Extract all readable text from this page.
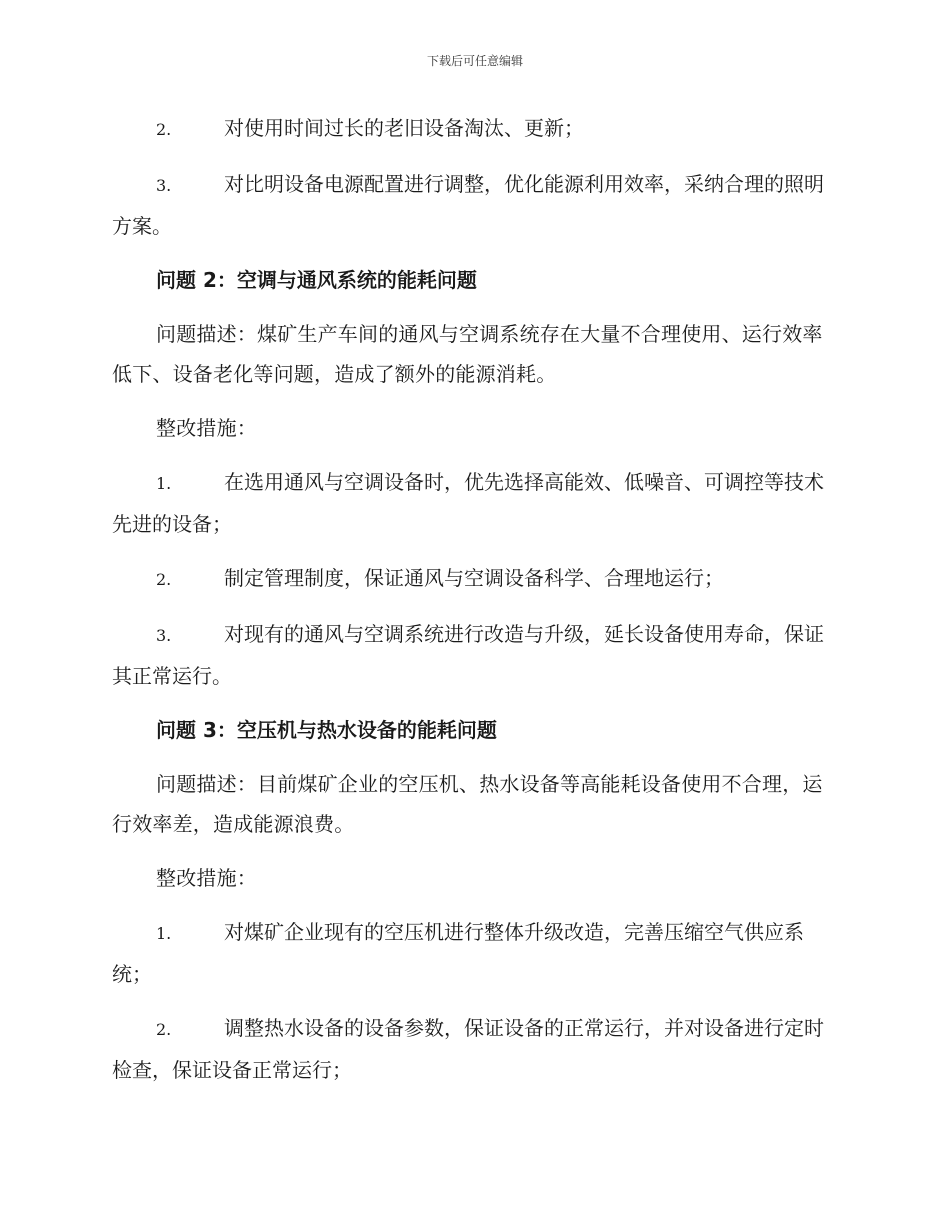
下载后可任意编辑

2.	对使用时间过长的老旧设备淘汰、更新；

3.	对比明设备电源配置进行调整，优化能源利用效率，采纳合理的照明方案。

问题 2：空调与通风系统的能耗问题

问题描述：煤矿生产车间的通风与空调系统存在大量不合理使用、运行效率低下、设备老化等问题，造成了额外的能源消耗。

整改措施：

1.	在选用通风与空调设备时，优先选择高能效、低噪音、可调控等技术先进的设备；

2.	制定管理制度，保证通风与空调设备科学、合理地运行；

3.	对现有的通风与空调系统进行改造与升级，延长设备使用寿命，保证其正常运行。

问题 3：空压机与热水设备的能耗问题

问题描述：目前煤矿企业的空压机、热水设备等高能耗设备使用不合理，运行效率差，造成能源浪费。

整改措施：

1.	对煤矿企业现有的空压机进行整体升级改造，完善压缩空气供应系统；

2.	调整热水设备的设备参数，保证设备的正常运行，并对设备进行定时检查，保证设备正常运行；
